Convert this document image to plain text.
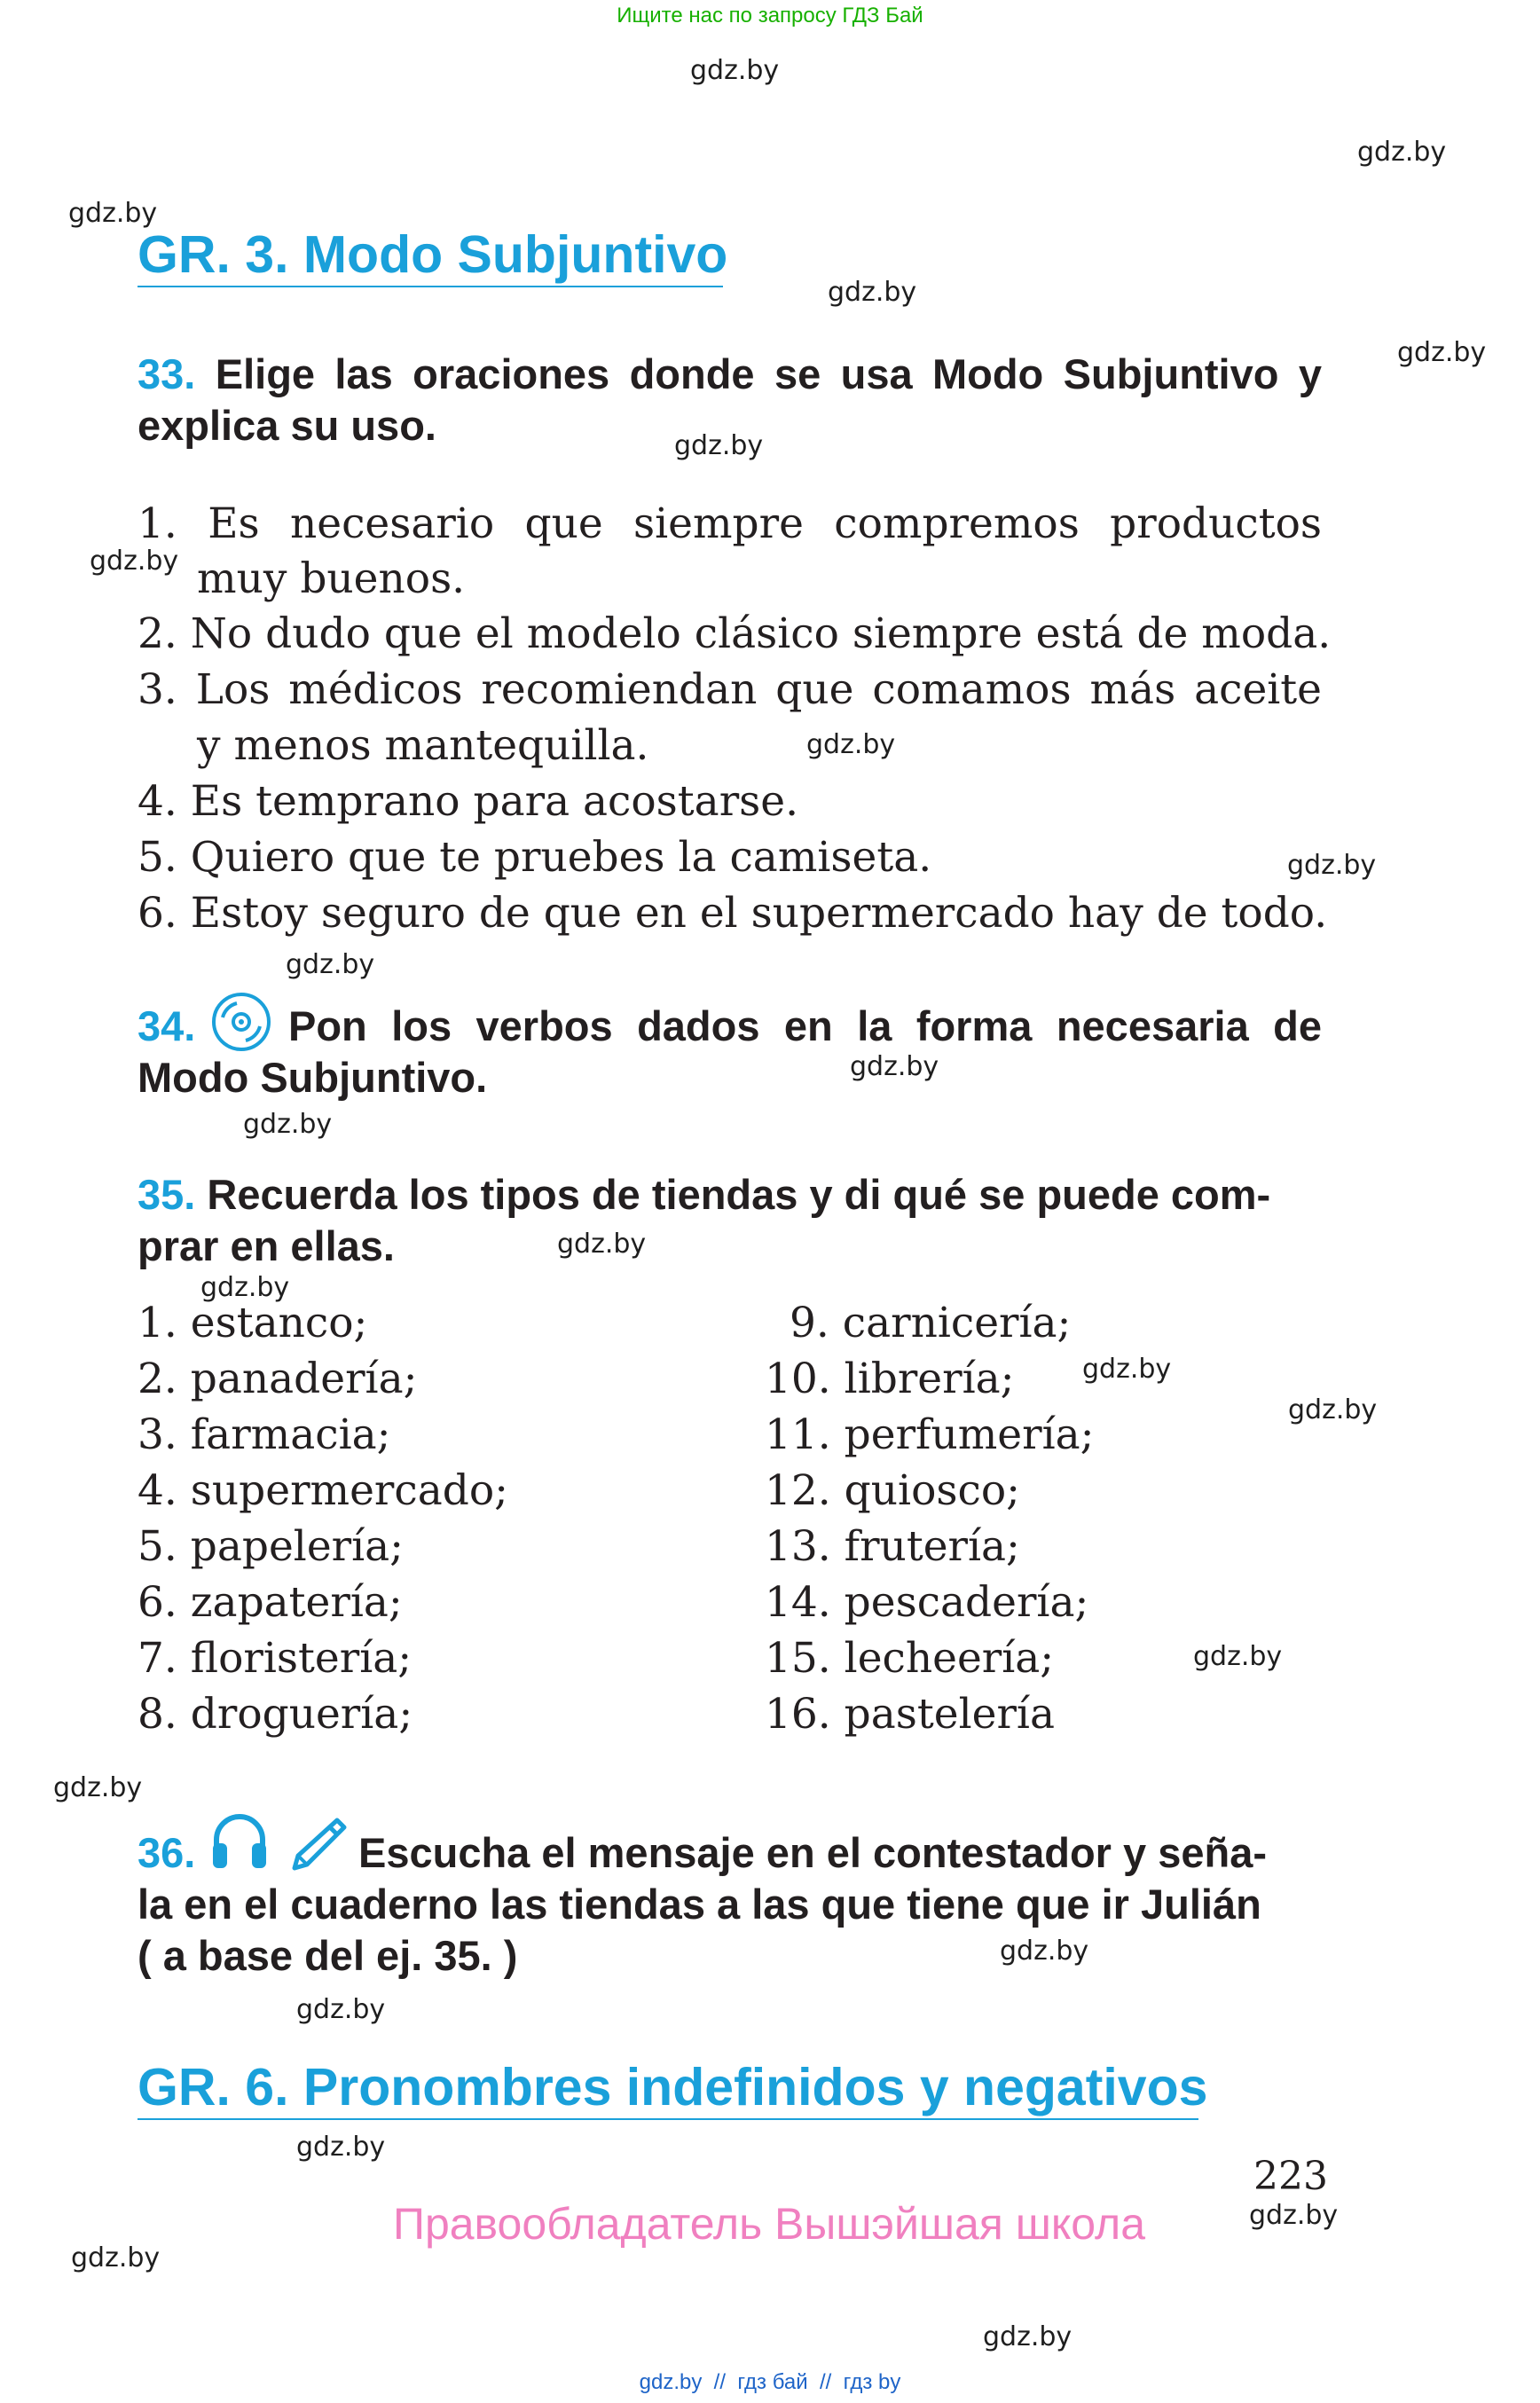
Ищите нас по запросу ГДЗ Бай
gdz.by
gdz.by
gdz.by
gdz.by
gdz.by
gdz.by
gdz.by
gdz.by
gdz.by
gdz.by
gdz.by
gdz.by
gdz.by
gdz.by
gdz.by
gdz.by
gdz.by
gdz.by
gdz.by
gdz.by
gdz.by
gdz.by
gdz.by
gdz.by
GR. 3. Modo Subjuntivo
33. Elige las oraciones donde se usa Modo Subjuntivo y explica su uso.
1. Es necesario que siempre compremos productos
muy buenos.
2. No dudo que el modelo clásico siempre está de moda.
3. Los médicos recomiendan que comamos más aceite
y menos mantequilla.
4. Es temprano para acostarse.
5. Quiero que te pruebes la camiseta.
6. Estoy seguro de que en el supermercado hay de todo.
34.	Pon los verbos dados en la forma necesaria de Modo Subjuntivo.
35. Recuerda los tipos de tiendas y di qué se puede com-
prar en ellas.
1. estanco;
2. panadería;
3. farmacia;
4. supermercado;
5. papelería;
6. zapatería;
7. floristería;
8. droguería;
9. carnicería;
10. librería;
11. perfumería;
12. quiosco;
13. frutería;
14. pescadería;
15. lecheería;
16. pastelería
36.	Escucha el mensaje en el contestador y seña-
la en el cuaderno las tiendas a las que tiene que ir Julián
( a base del ej. 35. )
GR. 6. Pronombres indefinidos y negativos
223
Правообладатель Вышэйшая школа
gdz.by  //  гдз бай  //  гдз by
